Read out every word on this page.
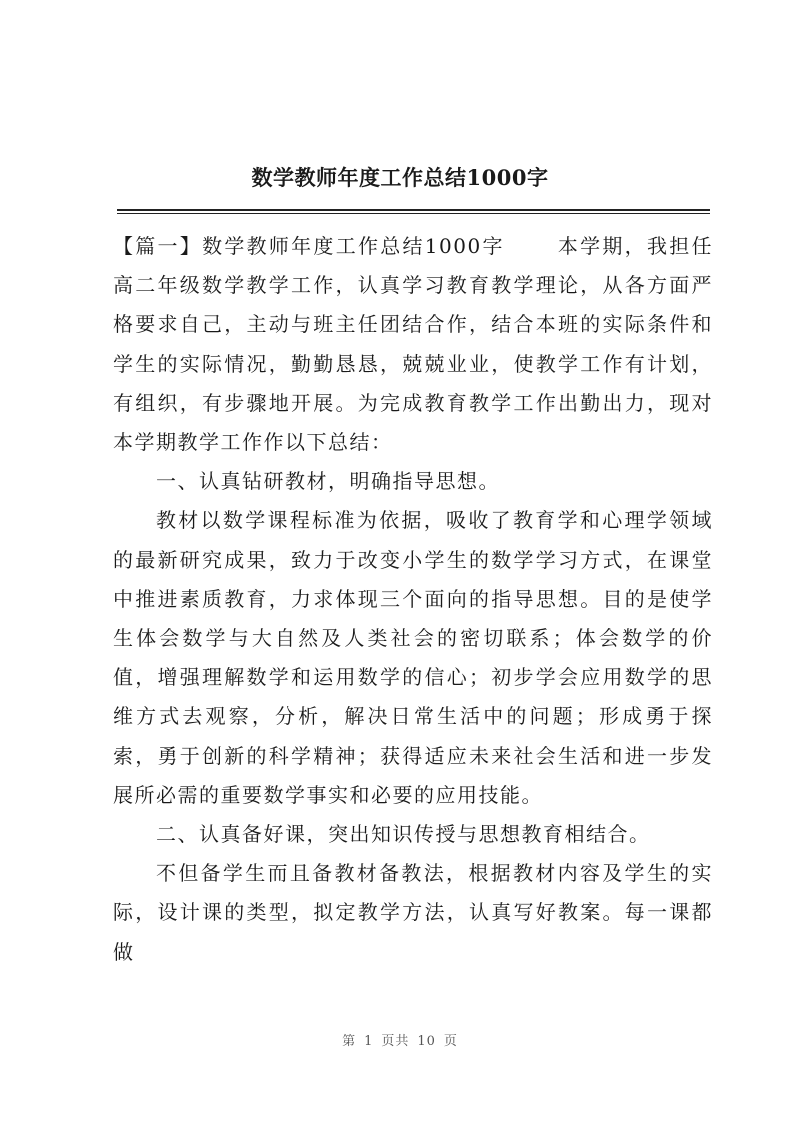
数学教师年度工作总结1000字

【篇一】数学教师年度工作总结1000字 　　本学期，我担任高二年级数学教学工作，认真学习教育教学理论，从各方面严格要求自己，主动与班主任团结合作，结合本班的实际条件和学生的实际情况，勤勤恳恳，兢兢业业，使教学工作有计划，有组织，有步骤地开展。为完成教育教学工作出勤出力，现对本学期教学工作作以下总结：

一、认真钻研教材，明确指导思想。

教材以数学课程标准为依据，吸收了教育学和心理学领域的最新研究成果，致力于改变小学生的数学学习方式，在课堂中推进素质教育，力求体现三个面向的指导思想。目的是使学生体会数学与大自然及人类社会的密切联系；体会数学的价值，增强理解数学和运用数学的信心；初步学会应用数学的思维方式去观察，分析，解决日常生活中的问题；形成勇于探索，勇于创新的科学精神；获得适应未来社会生活和进一步发展所必需的重要数学事实和必要的应用技能。

二、认真备好课，突出知识传授与思想教育相结合。

不但备学生而且备教材备教法，根据教材内容及学生的实际，设计课的类型，拟定教学方法，认真写好教案。每一课都做

第 1 页共 10 页
